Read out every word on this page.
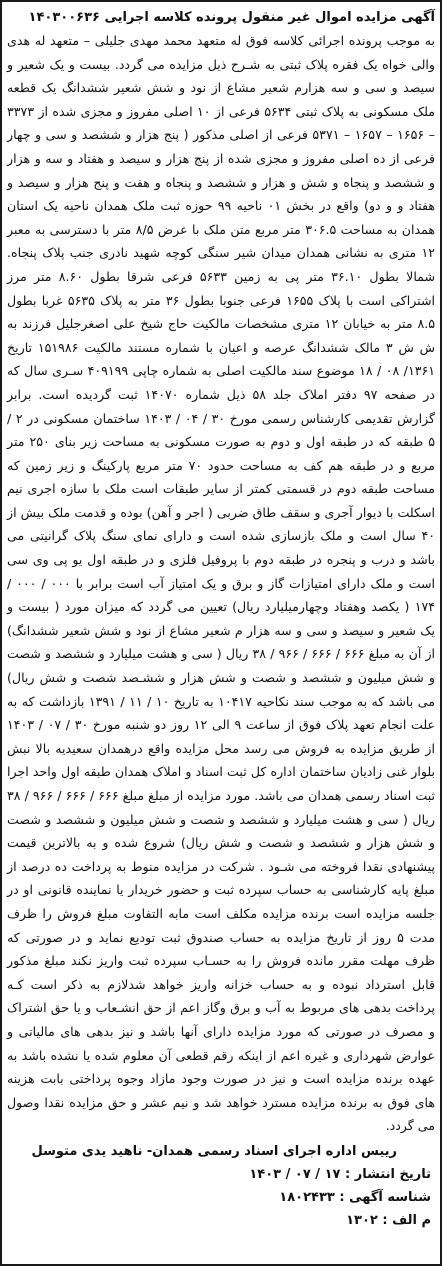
آگهی مزایده اموال غیر منقول پرونده کلاسه اجرایی ۱۴۰۳۰۰۶۳۶

به موجب پرونده اجرائی کلاسه فوق له متعهد محمد مهدی جلیلی – متعهد له هدی والی خواه یک فقره پلاک ثبتی به شـرح ذیل مزایده می گردد. بیست و یک شعیر و سیصد و سی و سه هزارم شعیر مشاع از نود و شش شعیر ششدانگ یک قطعه ملک مسکونی به پلاک ثبتی ۵۶۳۴ فرعی از ۱۰ اصلی مفروز و مجزی شده از ۳۳۷۳ – ۱۶۵۶ – ۱۶۵۷ – ۵۳۷۱ فرعی از اصلی مذکور ( پنج هزار و ششصد و سی و چهار فرعی از ده اصلی مفروز و مجزی شده از پنج هزار و سیصد و هفتاد و سه و هزار و ششصد و پنجاه و شش و هزار و ششصد و پنجاه و هفت و پنج هزار و سیصد و هفتاد و و دو) واقع در بخش ۰۱ ناحیه ۹۹ حوزه ثبت ملک همدان ناحیه یک استان همدان به مساحت ۳۰۶.۵ متر مربع متن ملک با عرض ۸/۵ متر با دسترسی به معبر ۱۲ متری به نشانی همدان میدان شیر سنگی کوچه شهید نادری جنب پلاک پنجاه. شمالا بطول ۳۶.۱۰ متر پی به زمین ۵۶۳۳ فرعی شرقا بطول ۸.۶۰ متر مرز اشتراکی است با پلاک ۱۶۵۵ فرعی جنوبا بطول ۳۶ متر به پلاک ۵۶۳۵ غربا بطول ۸.۵ متر به خیابان ۱۲ متری مشخصات مالکیت حاج شیخ علی اصغرجلیل فرزند به ش ش ۳ مالک ششدانگ عرصه و اعیان با شماره مستند مالکیت ۱۵۱۹۸۶ تاریخ ۱۳۶۱/ ۰۸ / ۱۸ موضوع سند مالکیت اصلی به شماره چاپی ۴۰۹۱۹۹ سـری سال که در صفحه ۹۷ دفتر املاک جلد ۵۸ ذیل شماره ۱۴۰۷۰ ثبت گردیده است. برابر گزارش تقدیمی کارشناس رسمی مورخ ۳۰ / ۰۴ / ۱۴۰۳ ساختمان مسکونی در ۲ / ۵ طبقه که در طبقه اول و دوم به صورت مسکونی به مساحت زیر بنای ۲۵۰ متر مربع و در طبقه هم کف به مساحت حدود ۷۰ متر مربع پارکینگ و زیر زمین که مساحت طبقه دوم در قسمتی کمتر از سایر طبقات است ملک با سازه اجری نیم اسکلت با دیوار آجری و سقف طاق ضربی ( اجر و آهن) بوده و قدمت ملک بیش از ۴۰ سال است و ملک بازسازی شده است و دارای نمای سنگ پلاک گرانیتی می باشد و درب و پنجره در طبقه دوم با پروفیل فلزی و در طبقه اول یو پی وی سی است و ملک دارای امتیازات گاز و برق و یک امتیاز آب است برابر با ۰۰۰ / ۰۰۰ / ۱۷۴ ( یکصد وهفتاد وچهارمیلیارد ریال) تعیین می گردد که میزان مورد ( بیست و یک شعیر و سیصد و سی و سه هزار م شعیر مشاع از نود و شش شعیر ششدانگ) از آن به مبلغ ۶۶۶ / ۶۶۶ / ۹۶۶ / ۳۸ ریال ( سی و هشت میلیارد و ششصد و شصت و شش میلیون و ششصد و شصت و شش هزار و ششـصد شصت و شش ریال) می باشد که به موجب سند نکاحیه ۱۰۴۱۷ به تاریخ ۱۰ / ۱۱ / ۱۳۹۱ بازداشت که به علت انجام تعهد پلاک فوق از ساعت ۹ الی ۱۲ روز دو شنبه مورخ ۳۰ / ۰۷ / ۱۴۰۳ از طریق مزایده به فروش می رسد محل مزایده واقع درهمدان سعیدیه بالا نبش بلوار غنی زادیان ساختمان اداره کل ثبت اسناد و املاک همدان طبقه اول واحد اجرا ثبت اسناد رسمی همدان می باشد. مورد مزایده از مبلغ مبلغ ۶۶۶ / ۶۶۶ / ۹۶۶ / ۳۸ ریال ( سی و هشت میلیارد و ششصد و شصت و شش میلیون و ششصد و شصت و شش هزار و ششصد و شصت و شش ریال) شروع شده و به بالاترین قیمت پیشنهادی نقدا فروخته می شـود . شرکت در مزایده منوط به پرداخت ده درصد از مبلغ پایه کارشناسی به حساب سپرده ثبت و حضور خریدار یا نماینده قانونی او در جلسه مزایده است برنده مزایده مکلف است مابه التفاوت مبلغ فروش را ظرف مدت ۵ روز از تاریخ مزایده به حساب صندوق ثبت تودیع نماید و در صورتی که ظرف مهلت مقرر مانده فروش را به حسـاب سپرده ثبت واریز نکند مبلغ مذکور قابل استرداد نبوده و به حساب خزانه واریز خواهد شدلازم به ذکر است کـه پرداخت بدهی های مربوط به آب و برق وگاز اعم از حق انشـعاب و یا حق اشتراک و مصرف در صورتی که مورد مزایده دارای آنها باشد و نیز بدهی های مالیاتی و عوارض شهرداری و غیره اعم از اینکه رقم قطعی آن معلوم شده یا نشده باشد به عهده برنده مزایده است و نیز در صورت وجود مازاد وجوه پرداختی بابت هزینه های فوق به برنده مزایده مسترد خواهد شد و نیم عشر و حق مزایده نقدا وصول می گردد.

رییس اداره اجرای اسناد رسمی همدان- ناهید یدی متوسل

تاریخ انتشار : ۱۷ / ۰۷ / ۱۴۰۳
شناسه آگهی : ۱۸۰۲۴۳۳
م الف : ۱۳۰۲
